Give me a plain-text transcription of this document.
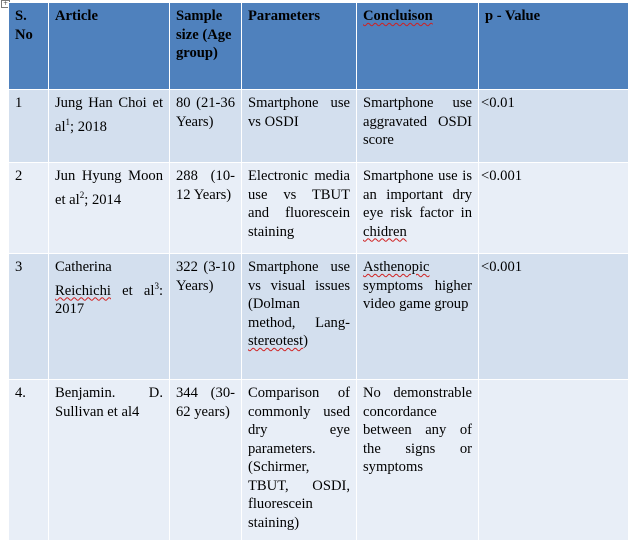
+
S.
No	Article	Sample size (Age group)	Parameters	Concluison	p - Value
1	Jung Han Choi et $al^1$; 2018	80 (21-36 Years)	Smartphone use vs OSDI	Smartphone use aggravated OSDI score	<0.01
2	Jun Hyung Moon et $al^2$; 2014	288 (10-12 Years)	Electronic media use vs TBUT and fluorescein staining	Smartphone use is an important dry eye risk factor in chidren	<0.001
3	Catherina Reichichi et $al^3$: 2017	322 (3-10 Years)	Smartphone use vs visual issues (Dolman method, Lang-stereotest)	Asthenopic symptoms higher video game group	<0.001
4.	Benjamin. D. Sullivan et al4	344 (30-62 years)	Comparison of commonly used dry eye parameters. (Schirmer, TBUT, OSDI, fluorescein staining)	No demonstrable concordance between any of the signs or symptoms	
